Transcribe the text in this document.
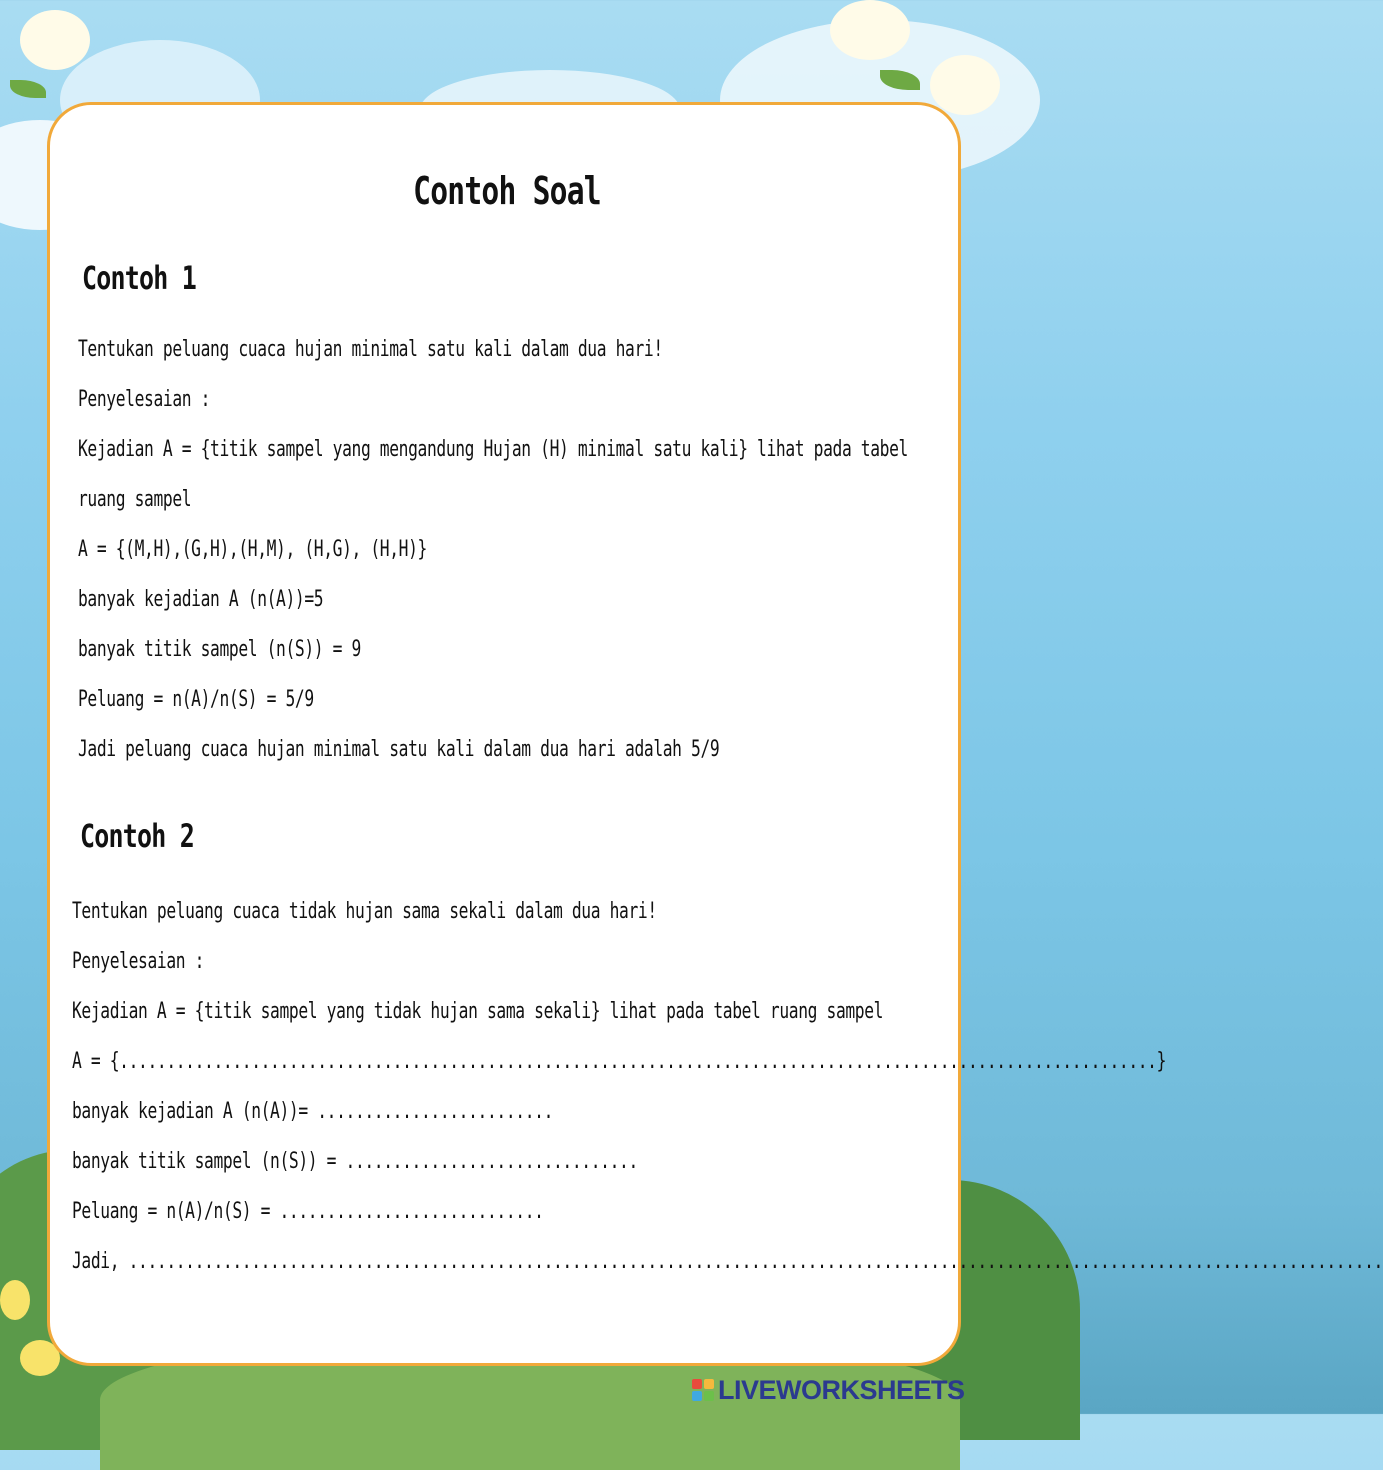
Contoh Soal
Contoh 1
Tentukan peluang cuaca hujan minimal satu kali dalam dua hari!
Penyelesaian :
Kejadian A = {titik sampel yang mengandung Hujan (H) minimal satu kali} lihat pada tabel
ruang sampel
A = {(M,H),(G,H),(H,M), (H,G), (H,H)}
banyak kejadian A (n(A))=5
banyak titik sampel (n(S)) = 9
Peluang = n(A)/n(S) = 5/9
Jadi peluang cuaca hujan minimal satu kali dalam dua hari adalah 5/9
Contoh 2
Tentukan peluang cuaca tidak hujan sama sekali dalam dua hari!
Penyelesaian :
Kejadian A = {titik sampel yang tidak hujan sama sekali} lihat pada tabel ruang sampel
A = {..............................................................................................................}
banyak kejadian A (n(A))= .........................
banyak titik sampel (n(S)) = ...............................
Peluang = n(A)/n(S) = ............................
Jadi, .....................................................................................................................................
LIVEWORKSHEETS
